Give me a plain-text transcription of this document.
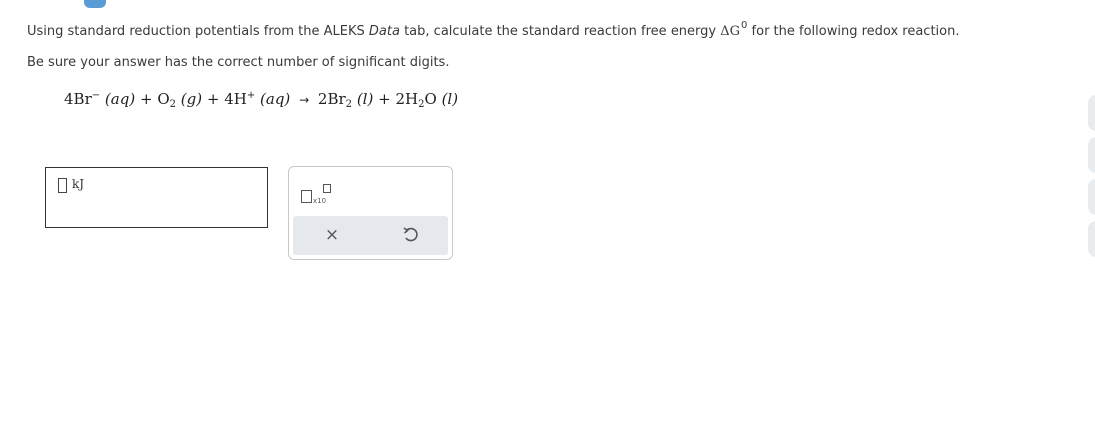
Using standard reduction potentials from the ALEKS Data tab, calculate the standard reaction free energy $\Delta G^0$ for the following redox reaction.
Be sure your answer has the correct number of significant digits.
4Br− $(aq) + O_2$ (g) + 4H+ $(aq) \to 2Br_2$ $(l) + 2H_2O$ (l)
kJ
x10
×
